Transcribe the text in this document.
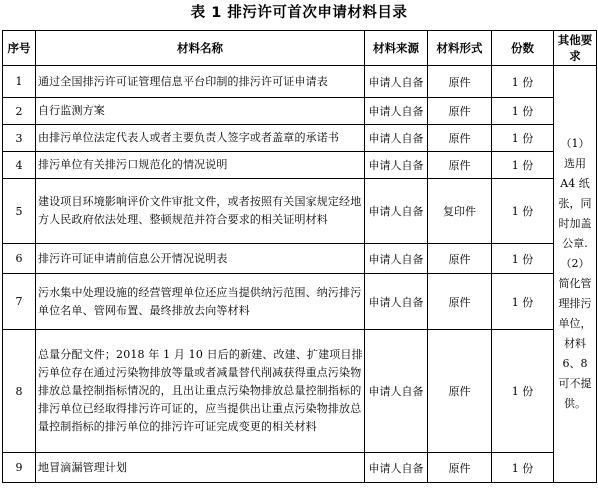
表 1 排污许可首次申请材料目录
序号	材料名称	材料来源	材料形式	份数	其他要求
1	通过全国排污许可证管理信息平台印制的排污许可证申请表	申请人自备	原件	1 份	（1）选用 A4 纸张，同时加盖公章.
（2）简化管理排污单位，材料 6、8 可不提供。

2	自行监测方案	申请人自备	原件	1 份	
3	由排污单位法定代表人或者主要负责人签字或者盖章的承诺书	申请人自备	原件	1 份	
4	排污单位有关排污口规范化的情况说明	申请人自备	原件	1 份	
5	建设项目环境影响评价文件审批文件，或者按照有关国家规定经地方人民政府依法处理、整顿规范并符合要求的相关证明材料	申请人自备	复印件	1 份	
6	排污许可证申请前信息公开情况说明表	申请人自备	原件	1 份	
7	污水集中处理设施的经营管理单位还应当提供纳污范围、纳污排污单位名单、管网布置、最终排放去向等材料	申请人自备	原件	1 份	
8	总量分配文件；2018 年 1 月 10 日后的新建、改建、扩建项目排污单位存在通过污染物排放等量或者减量替代削减获得重点污染物排放总量控制指标情况的，且出让重点污染物排放总量控制指标的排污单位已经取得排污许可证的，应当提供出让重点污染物排放总量控制指标的排污单位的排污许可证完成变更的相关材料	申请人自备	原件	1 份	
9	地冒滴漏管理计划	申请人自备	原件	1 份	
